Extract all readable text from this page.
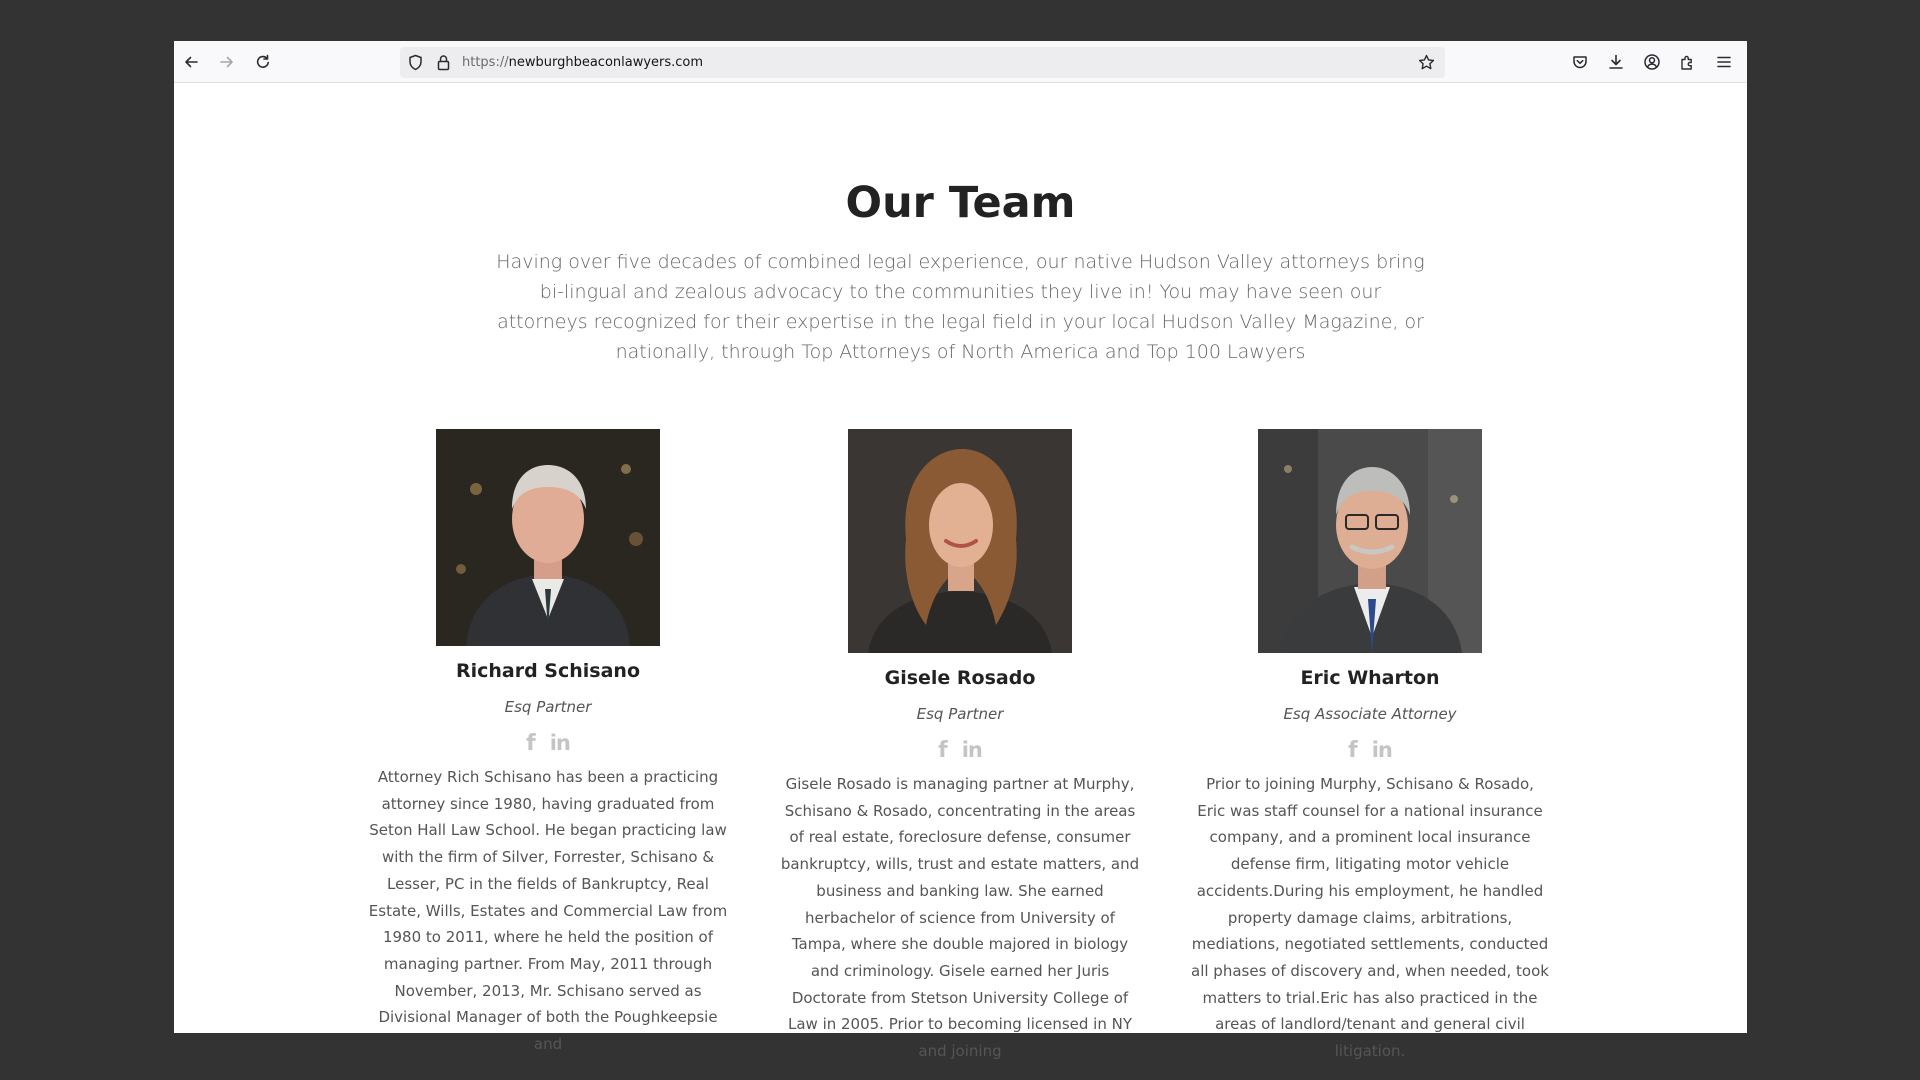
https://newburghbeaconlawyers.com
Our Team

Having over five decades of combined legal experience, our native Hudson Valley attorneys bring bi-lingual and zealous advocacy to the communities they live in! You may have seen our attorneys recognized for their expertise in the legal field in your local Hudson Valley Magazine, or nationally, through Top Attorneys of North America and Top 100 Lawyers

Richard Schisano
Esq Partner
f in

Attorney Rich Schisano has been a practicing attorney since 1980, having graduated from Seton Hall Law School. He began practicing law with the firm of Silver, Forrester, Schisano & Lesser, PC in the fields of Bankruptcy, Real Estate, Wills, Estates and Commercial Law from 1980 to 2011, where he held the position of managing partner. From May, 2011 through November, 2013, Mr. Schisano served as Divisional Manager of both the Poughkeepsie and

Gisele Rosado
Esq Partner
f in

Gisele Rosado is managing partner at Murphy, Schisano & Rosado, concentrating in the areas of real estate, foreclosure defense, consumer bankruptcy, wills, trust and estate matters, and business and banking law. She earned herbachelor of science from University of Tampa, where she double majored in biology and criminology. Gisele earned her Juris Doctorate from Stetson University College of Law in 2005. Prior to becoming licensed in NY and joining

Eric Wharton
Esq Associate Attorney
f in

Prior to joining Murphy, Schisano & Rosado, Eric was staff counsel for a national insurance company, and a prominent local insurance defense firm, litigating motor vehicle accidents.During his employment, he handled property damage claims, arbitrations, mediations, negotiated settlements, conducted all phases of discovery and, when needed, took matters to trial.Eric has also practiced in the areas of landlord/tenant and general civil litigation.
